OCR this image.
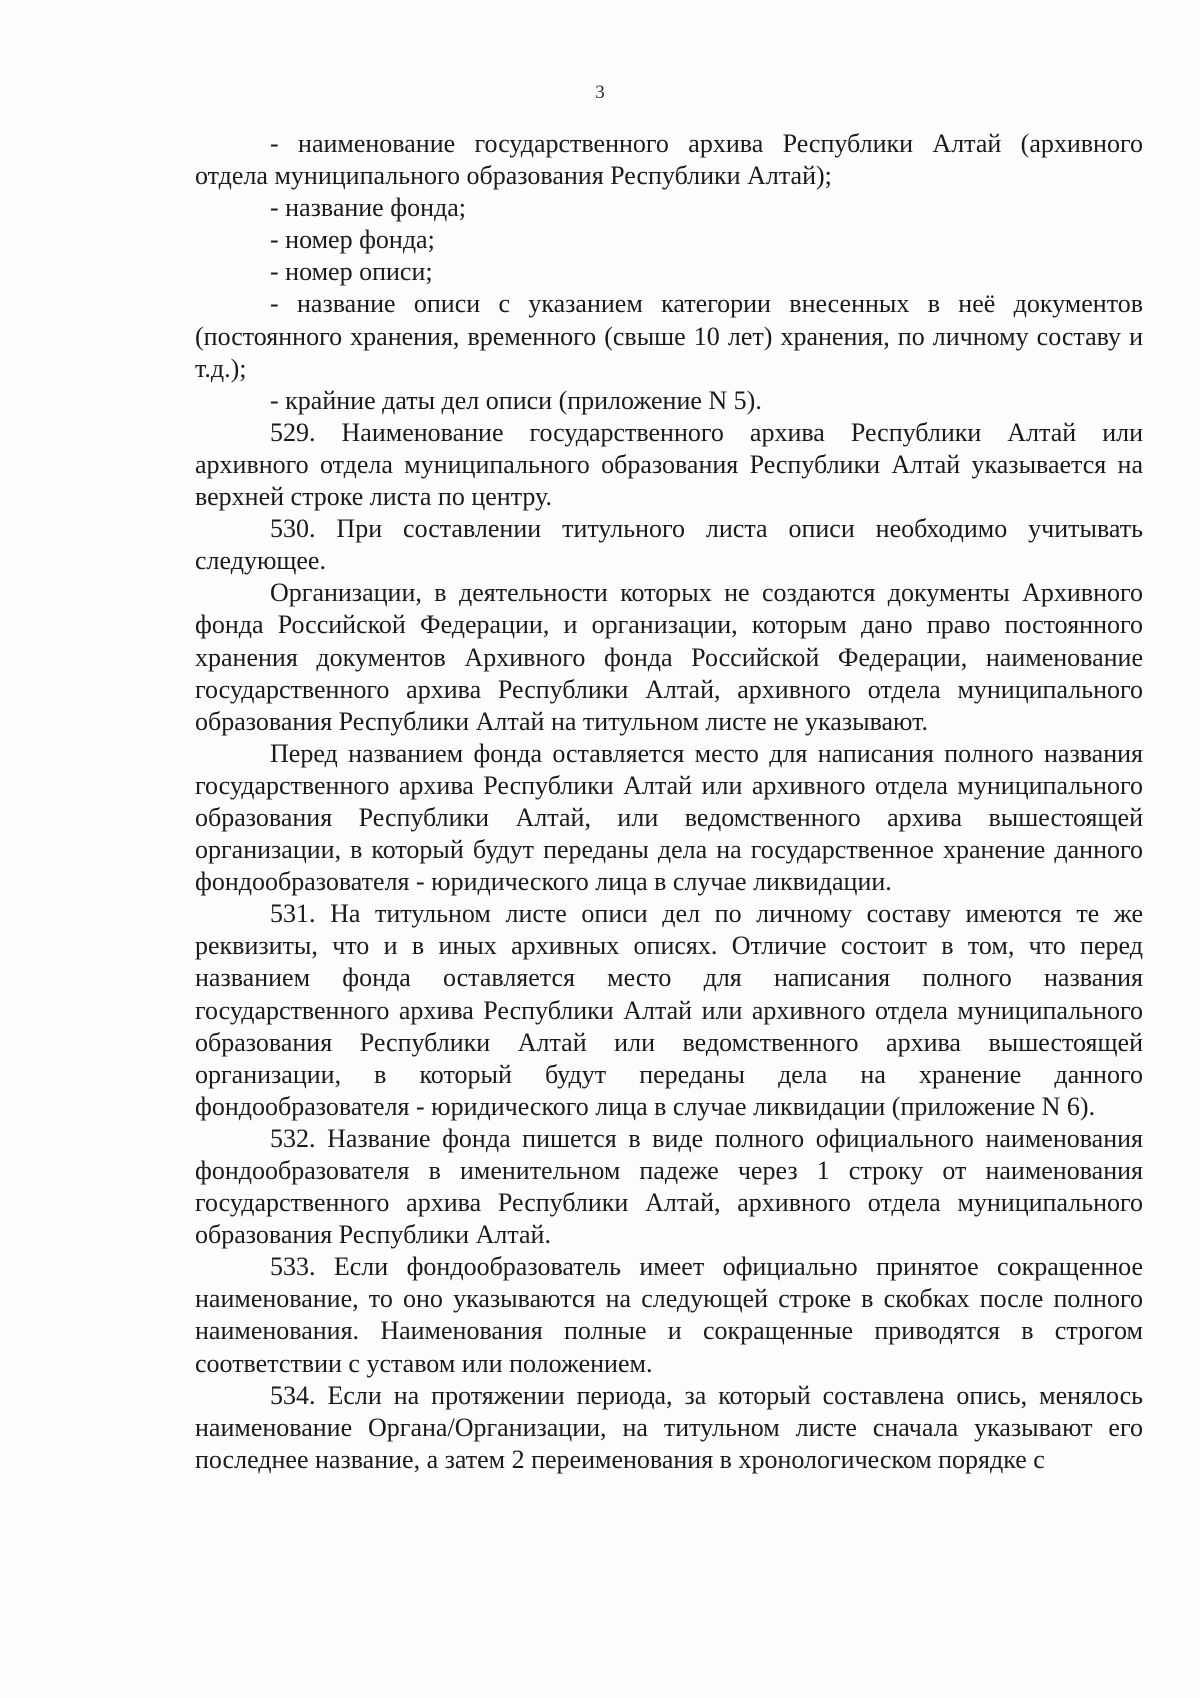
3

- наименование государственного архива Республики Алтай (архивного отдела муниципального образования Республики Алтай);

- название фонда;

- номер фонда;

- номер описи;

- название описи с указанием категории внесенных в неё документов (постоянного хранения, временного (свыше 10 лет) хранения, по личному составу и т.д.);

- крайние даты дел описи (приложение N 5).

529. Наименование государственного архива Республики Алтай или архивного отдела муниципального образования Республики Алтай указывается на верхней строке листа по центру.

530. При составлении титульного листа описи необходимо учитывать следующее.

Организации, в деятельности которых не создаются документы Архивного фонда Российской Федерации, и организации, которым дано право постоянного хранения документов Архивного фонда Российской Федерации, наименование государственного архива Республики Алтай, архивного отдела муниципального образования Республики Алтай на титульном листе не указывают.

Перед названием фонда оставляется место для написания полного названия государственного архива Республики Алтай или архивного отдела муниципального образования Республики Алтай, или ведомственного архива вышестоящей организации, в который будут переданы дела на государственное хранение данного фондообразователя - юридического лица в случае ликвидации.

531. На титульном листе описи дел по личному составу имеются те же реквизиты, что и в иных архивных описях. Отличие состоит в том, что перед названием фонда оставляется место для написания полного названия государственного архива Республики Алтай или архивного отдела муниципального образования Республики Алтай или ведомственного архива вышестоящей организации, в который будут переданы дела на хранение данного фондообразователя - юридического лица в случае ликвидации (приложение N 6).

532. Название фонда пишется в виде полного официального наименования фондообразователя в именительном падеже через 1 строку от наименования государственного архива Республики Алтай, архивного отдела муниципального образования Республики Алтай.

533. Если фондообразователь имеет официально принятое сокращенное наименование, то оно указываются на следующей строке в скобках после полного наименования. Наименования полные и сокращенные приводятся в строгом соответствии с уставом или положением.

534. Если на протяжении периода, за который составлена опись, менялось наименование Органа/Организации, на титульном листе сначала указывают его последнее название, а затем 2 переименования в хронологическом порядке с
